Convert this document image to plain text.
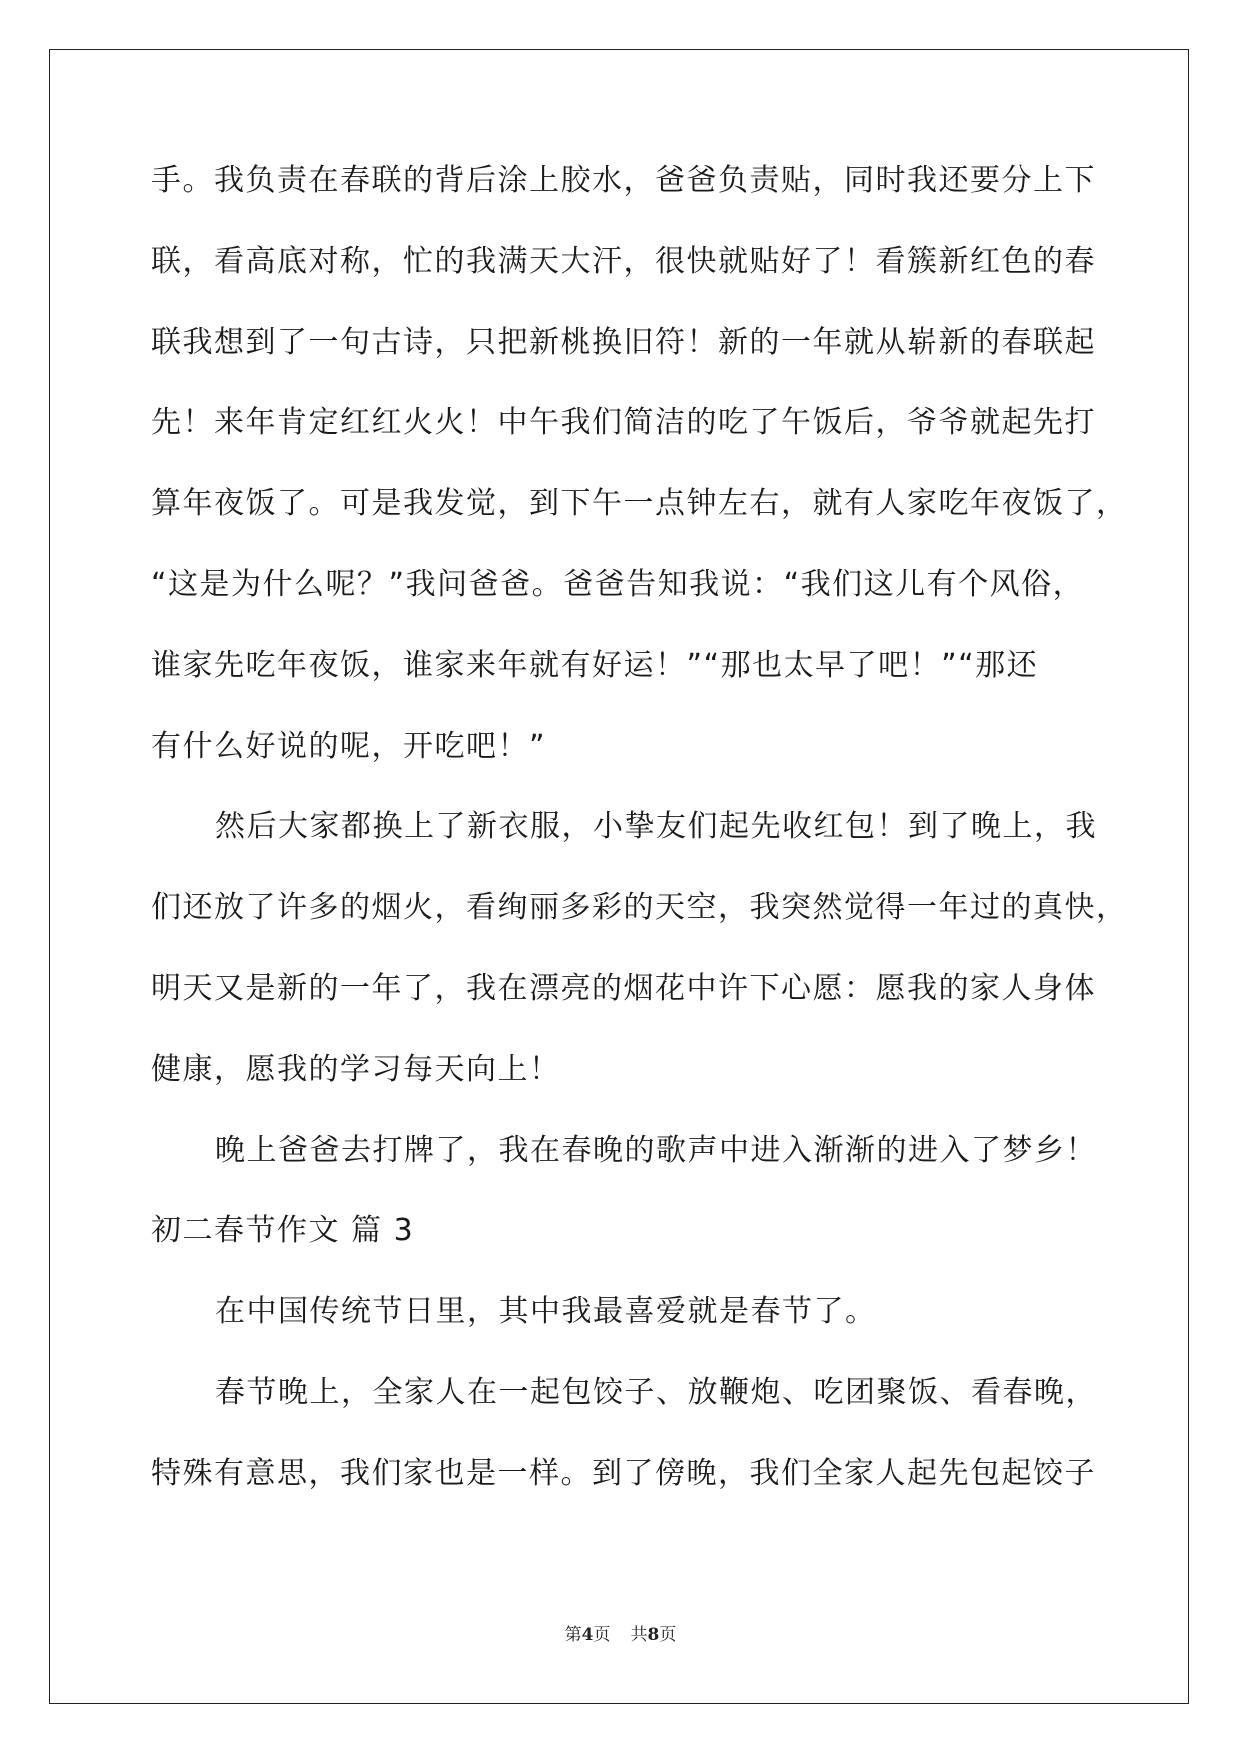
手。我负责在春联的背后涂上胶水，爸爸负责贴，同时我还要分上下
联，看高底对称，忙的我满天大汗，很快就贴好了！看簇新红色的春
联我想到了一句古诗，只把新桃换旧符！新的一年就从崭新的春联起
先！来年肯定红红火火！中午我们简洁的吃了午饭后，爷爷就起先打
算年夜饭了。可是我发觉，到下午一点钟左右，就有人家吃年夜饭了，
“这是为什么呢？”我问爸爸。爸爸告知我说：“我们这儿有个风俗，
谁家先吃年夜饭，谁家来年就有好运！”“那也太早了吧！”“那还
有什么好说的呢，开吃吧！”
然后大家都换上了新衣服，小挚友们起先收红包！到了晚上，我
们还放了许多的烟火，看绚丽多彩的天空，我突然觉得一年过的真快，
明天又是新的一年了，我在漂亮的烟花中许下心愿：愿我的家人身体
健康，愿我的学习每天向上！
晚上爸爸去打牌了，我在春晚的歌声中进入渐渐的进入了梦乡！
初二春节作文 篇 3
在中国传统节日里，其中我最喜爱就是春节了。
春节晚上，全家人在一起包饺子、放鞭炮、吃团聚饭、看春晚，
特殊有意思，我们家也是一样。到了傍晚，我们全家人起先包起饺子
第4页 共8页
